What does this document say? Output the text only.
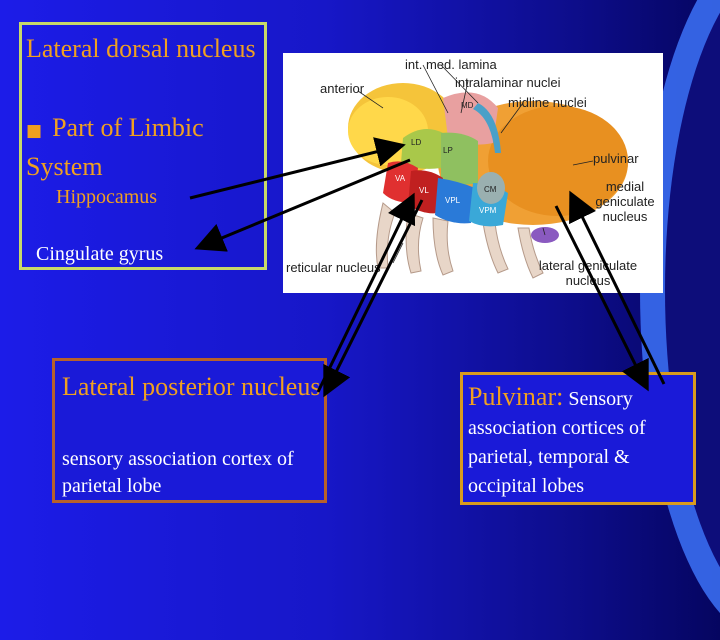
Lateral dorsal nucleus
■ Part of Limbic System
Hippocamus
Cingulate gyrus
MD
LD
LP
VA
VL
VPL
VPM
CM
int. med. lamina
intralaminar nuclei
anterior
midline nuclei
pulvinar
medial geniculate nucleus
reticular nucleus	lateral geniculate nucleus
Lateral posterior nucleus
sensory association cortex of parietal lobe
Pulvinar: Sensory
association cortices of parietal, temporal & occipital lobes
